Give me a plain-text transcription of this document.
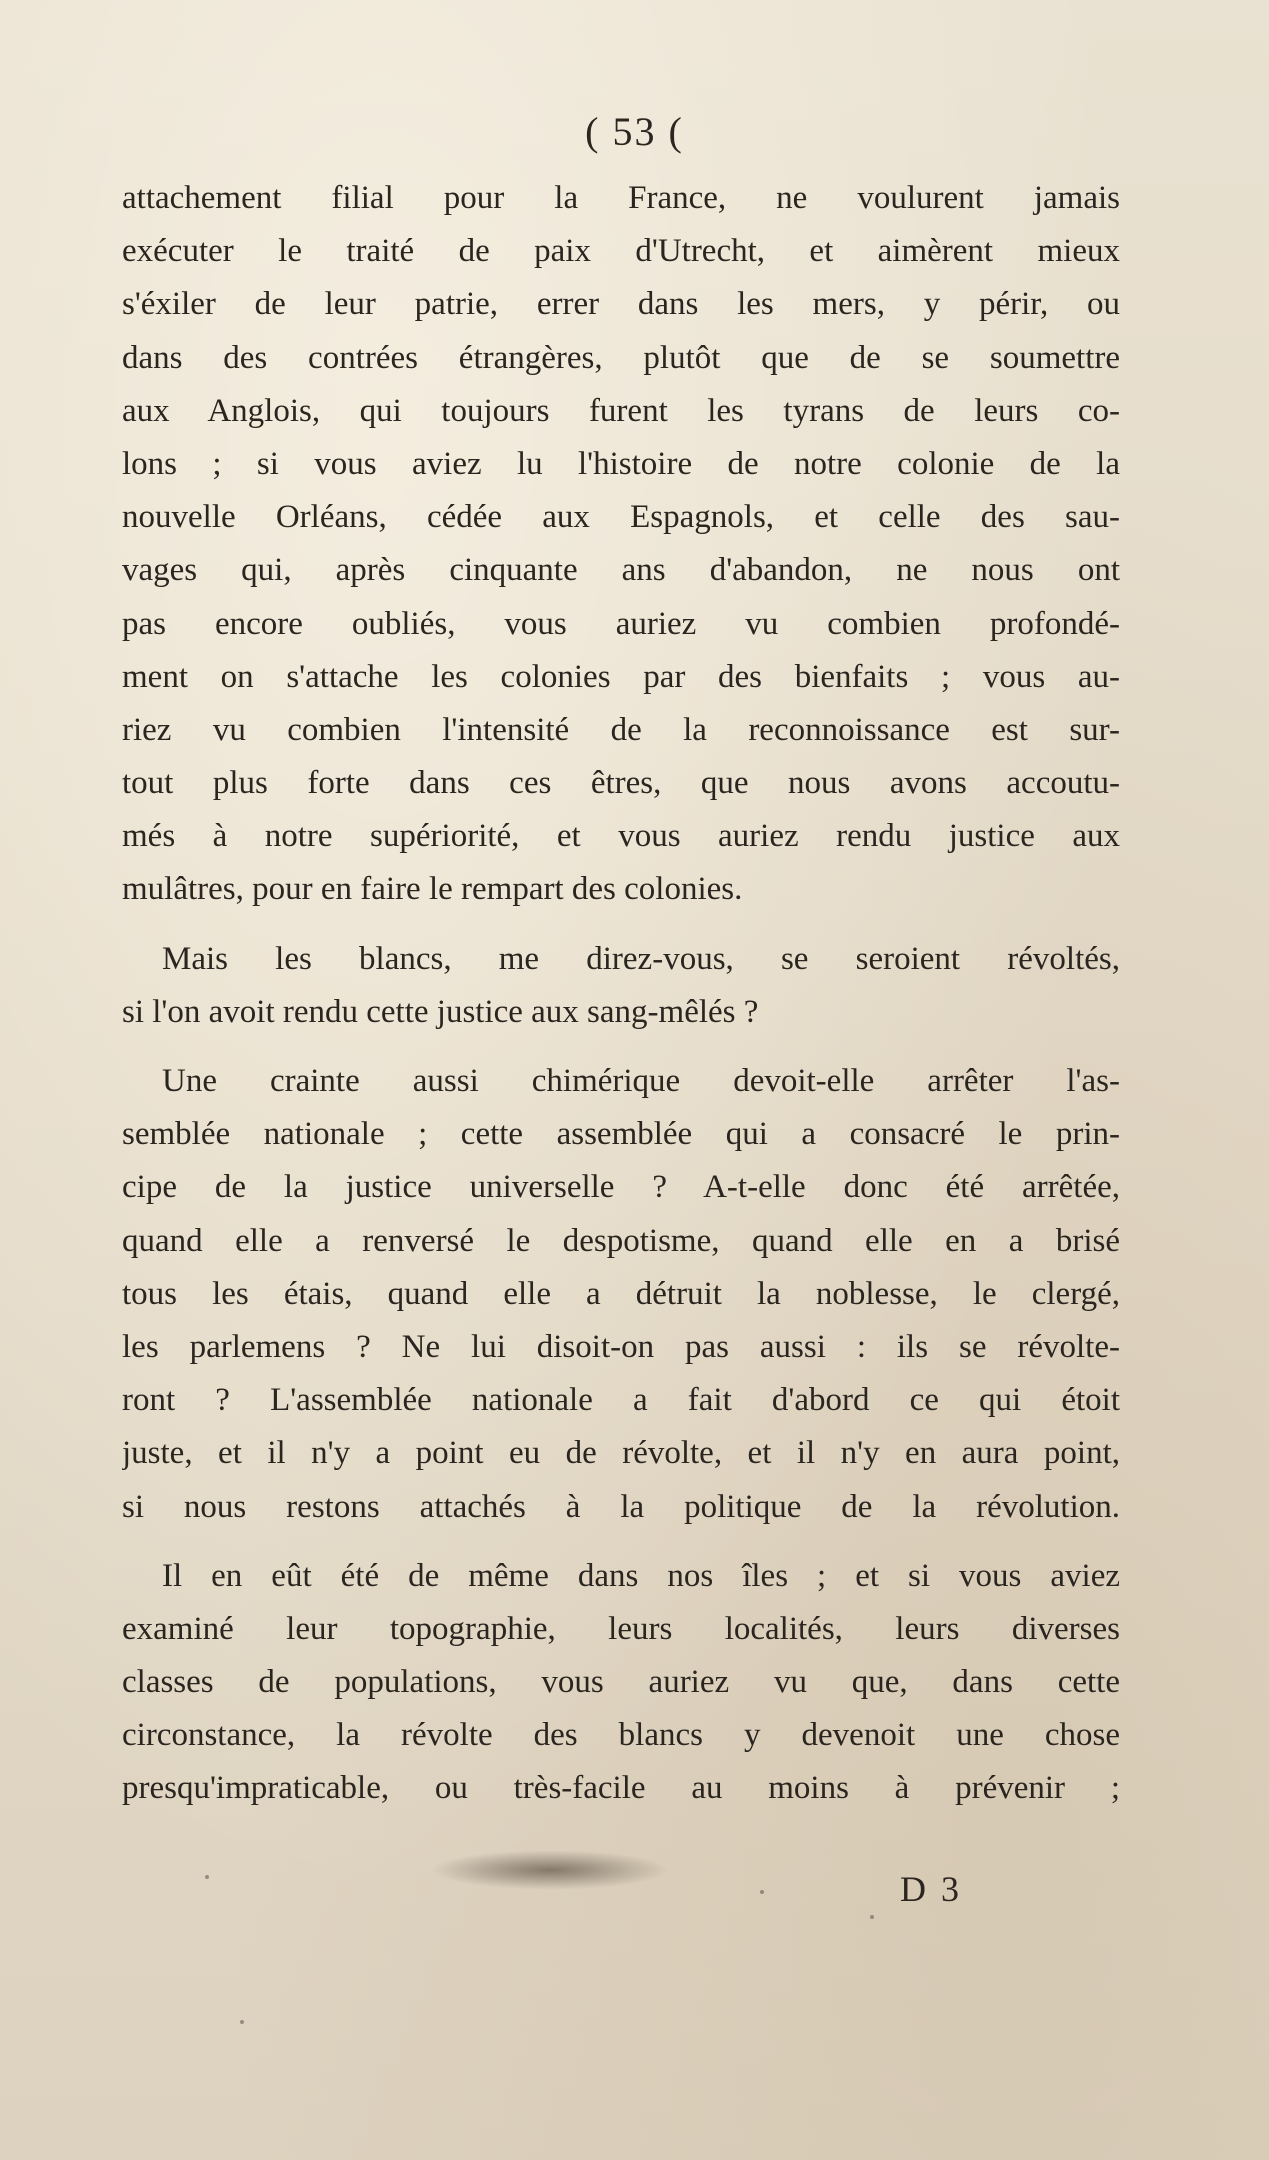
( 53 (
attachement filial pour la France, ne voulurent jamais
exécuter le traité de paix d'Utrecht, et aimèrent mieux
s'éxiler de leur patrie, errer dans les mers, y périr, ou
dans des contrées étrangères, plutôt que de se soumettre
aux Anglois, qui toujours furent les tyrans de leurs co-
lons ; si vous aviez lu l'histoire de notre colonie de la
nouvelle Orléans, cédée aux Espagnols, et celle des sau-
vages qui, après cinquante ans d'abandon, ne nous ont
pas encore oubliés, vous auriez vu combien profondé-
ment on s'attache les colonies par des bienfaits ; vous au-
riez vu combien l'intensité de la reconnoissance est sur-
tout plus forte dans ces êtres, que nous avons accoutu-
més à notre supériorité, et vous auriez rendu justice aux
mulâtres, pour en faire le rempart des colonies.
Mais les blancs, me direz-vous, se seroient révoltés,
si l'on avoit rendu cette justice aux sang-mêlés ?
Une crainte aussi chimérique devoit-elle arrêter l'as-
semblée nationale ; cette assemblée qui a consacré le prin-
cipe de la justice universelle ? A-t-elle donc été arrêtée,
quand elle a renversé le despotisme, quand elle en a brisé
tous les étais, quand elle a détruit la noblesse, le clergé,
les parlemens ? Ne lui disoit-on pas aussi : ils se révolte-
ront ? L'assemblée nationale a fait d'abord ce qui étoit
juste, et il n'y a point eu de révolte, et il n'y en aura point,
si nous restons attachés à la politique de la révolution.
Il en eût été de même dans nos îles ; et si vous aviez
examiné leur topographie, leurs localités, leurs diverses
classes de populations, vous auriez vu que, dans cette
circonstance, la révolte des blancs y devenoit une chose
presqu'impraticable, ou très-facile au moins à prévenir ;
D 3
